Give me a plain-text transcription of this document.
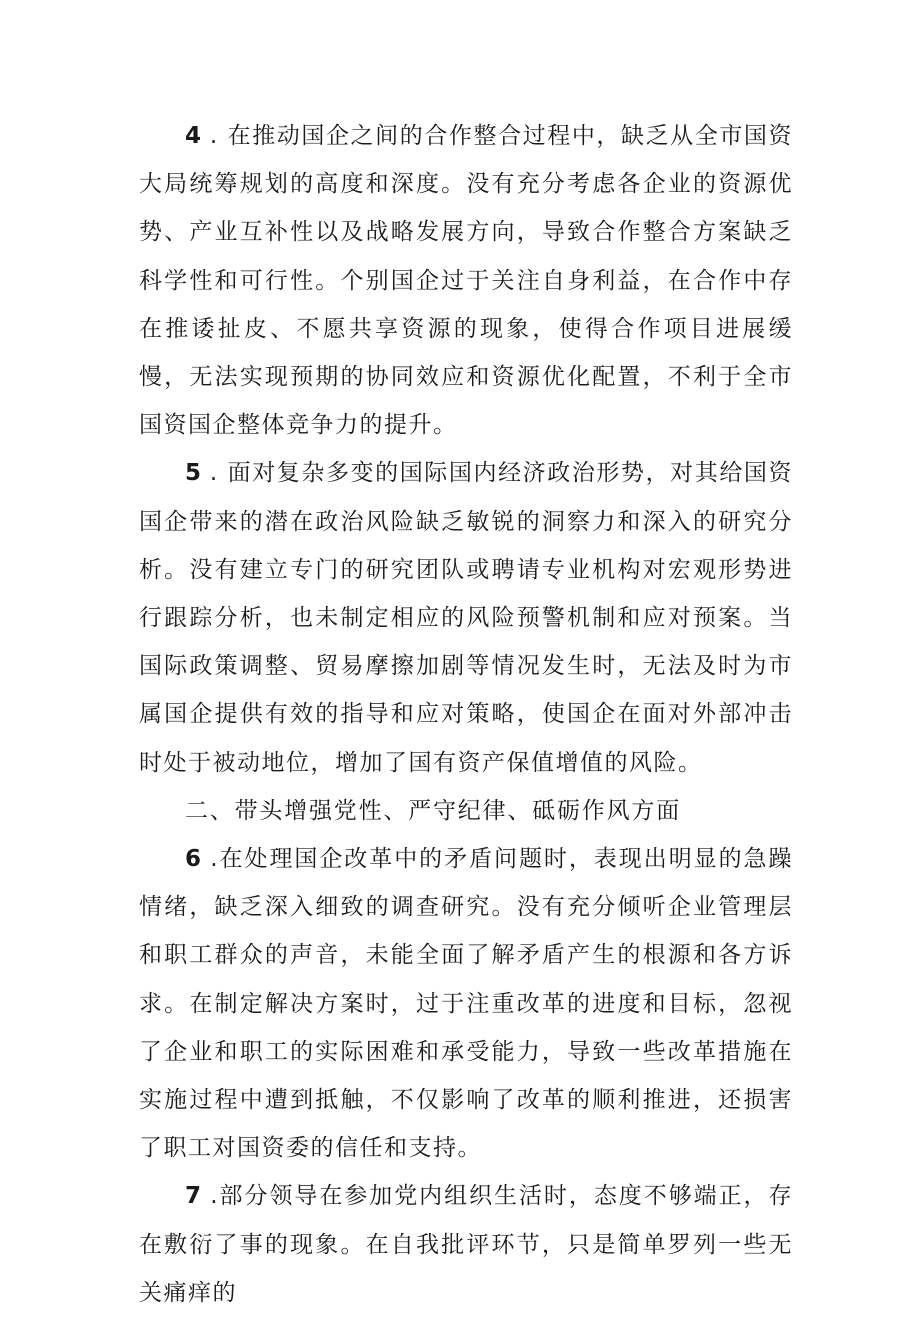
4 . 在推动国企之间的合作整合过程中，缺乏从全市国资大局统筹规划的高度和深度。没有充分考虑各企业的资源优势、产业互补性以及战略发展方向，导致合作整合方案缺乏科学性和可行性。个别国企过于关注自身利益，在合作中存在推诿扯皮、不愿共享资源的现象，使得合作项目进展缓慢，无法实现预期的协同效应和资源优化配置，不利于全市国资国企整体竞争力的提升。

5 . 面对复杂多变的国际国内经济政治形势，对其给国资国企带来的潜在政治风险缺乏敏锐的洞察力和深入的研究分析。没有建立专门的研究团队或聘请专业机构对宏观形势进行跟踪分析，也未制定相应的风险预警机制和应对预案。当国际政策调整、贸易摩擦加剧等情况发生时，无法及时为市属国企提供有效的指导和应对策略，使国企在面对外部冲击时处于被动地位，增加了国有资产保值增值的风险。

二、带头增强党性、严守纪律、砥砺作风方面

6 .在处理国企改革中的矛盾问题时，表现出明显的急躁情绪，缺乏深入细致的调查研究。没有充分倾听企业管理层和职工群众的声音，未能全面了解矛盾产生的根源和各方诉求。在制定解决方案时，过于注重改革的进度和目标，忽视了企业和职工的实际困难和承受能力，导致一些改革措施在实施过程中遭到抵触，不仅影响了改革的顺利推进，还损害了职工对国资委的信任和支持。

7 .部分领导在参加党内组织生活时，态度不够端正，存在敷衍了事的现象。在自我批评环节，只是简单罗列一些无关痛痒的
